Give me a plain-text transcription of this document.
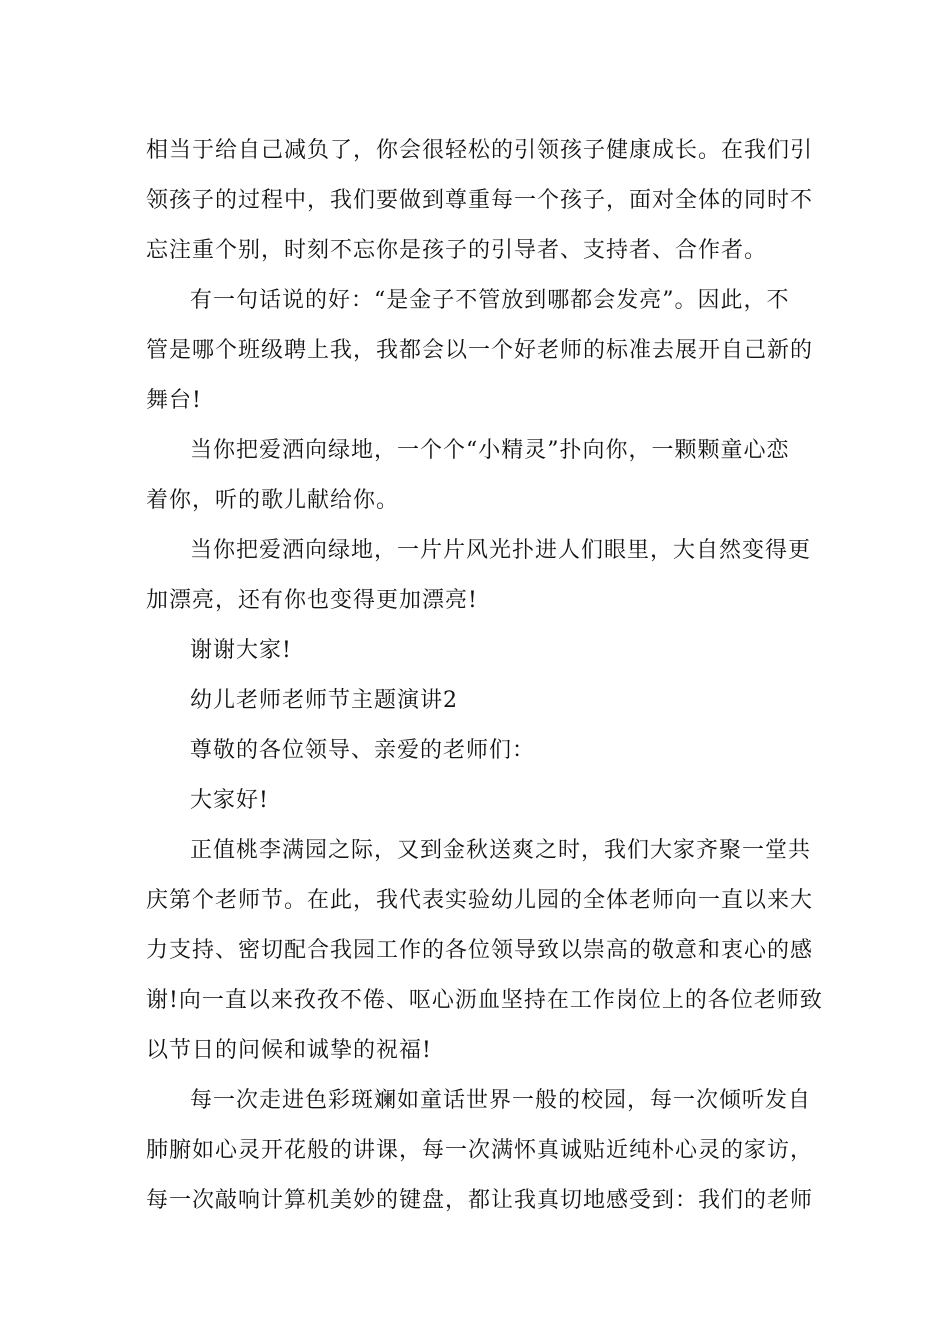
相当于给自己减负了，你会很轻松的引领孩子健康成长。在我们引
领孩子的过程中，我们要做到尊重每一个孩子，面对全体的同时不
忘注重个别，时刻不忘你是孩子的引导者、支持者、合作者。
有一句话说的好：“是金子不管放到哪都会发亮”。因此，不
管是哪个班级聘上我，我都会以一个好老师的标准去展开自己新的
舞台!
当你把爱洒向绿地，一个个“小精灵”扑向你，一颗颗童心恋
着你，听的歌儿献给你。
当你把爱洒向绿地，一片片风光扑进人们眼里，大自然变得更
加漂亮，还有你也变得更加漂亮!
谢谢大家!
幼儿老师老师节主题演讲2
尊敬的各位领导、亲爱的老师们：
大家好!
正值桃李满园之际，又到金秋送爽之时，我们大家齐聚一堂共
庆第个老师节。在此，我代表实验幼儿园的全体老师向一直以来大
力支持、密切配合我园工作的各位领导致以崇高的敬意和衷心的感
谢!向一直以来孜孜不倦、呕心沥血坚持在工作岗位上的各位老师致
以节日的问候和诚挚的祝福!
每一次走进色彩斑斓如童话世界一般的校园，每一次倾听发自
肺腑如心灵开花般的讲课，每一次满怀真诚贴近纯朴心灵的家访，
每一次敲响计算机美妙的键盘，都让我真切地感受到：我们的老师
